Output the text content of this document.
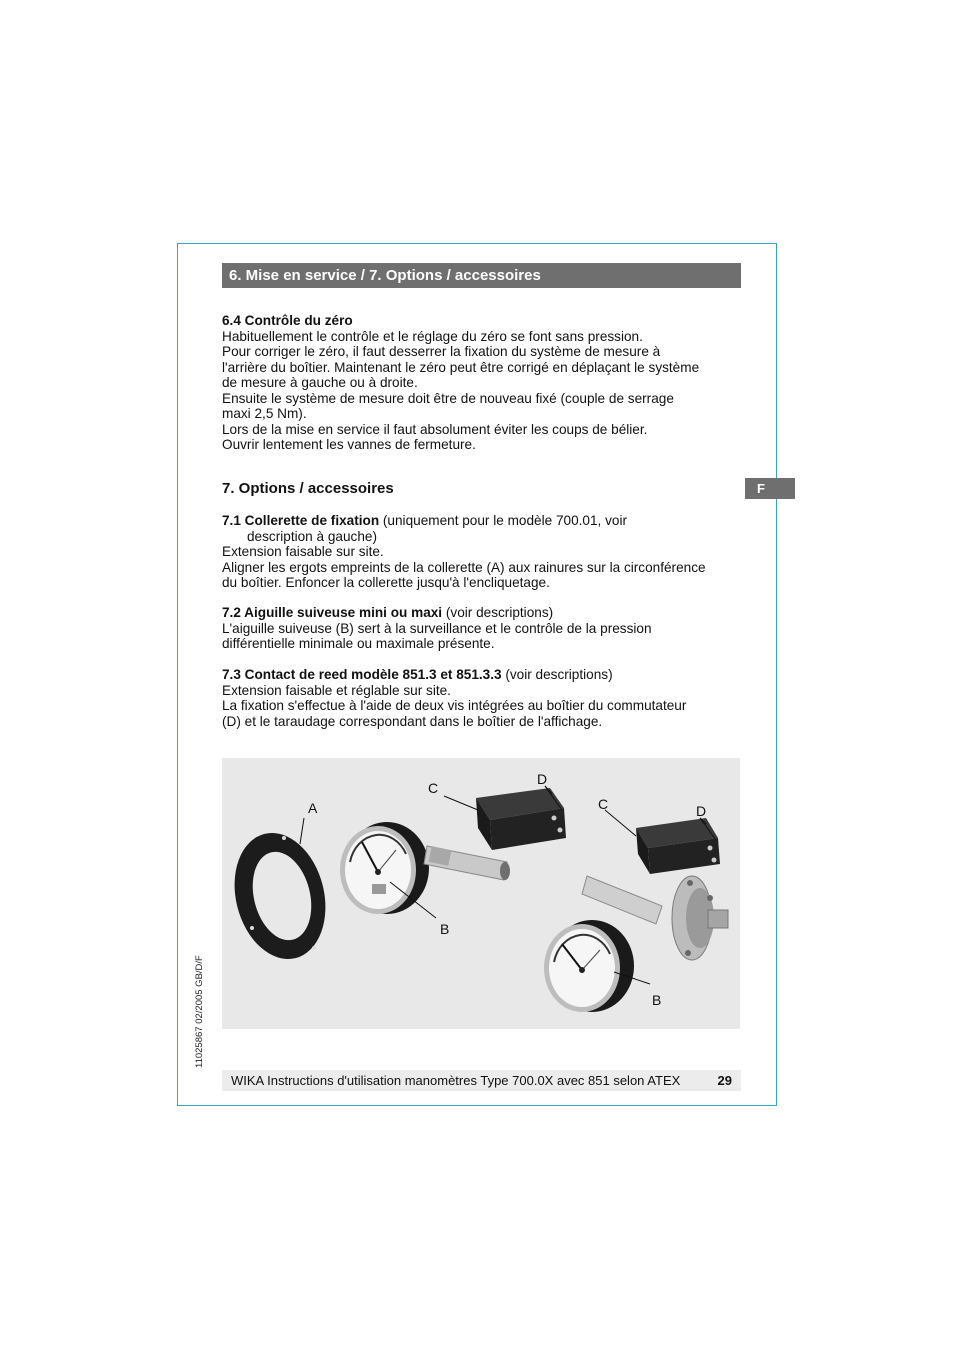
6. Mise en service / 7. Options / accessoires
F

6.4 Contrôle du zéro

Habituellement le contrôle et le réglage du zéro se font sans pression.

Pour corriger le zéro, il faut desserrer la fixation du système de mesure à

l'arrière du boîtier. Maintenant le zéro peut être corrigé en déplaçant le système

de mesure à gauche ou à droite.

Ensuite le système de mesure doit être de nouveau fixé (couple de serrage

maxi 2,5 Nm).

Lors de la mise en service il faut absolument éviter les coups de bélier.

Ouvrir lentement les vannes de fermeture.

7. Options / accessoires

7.1 Collerette de fixation (uniquement pour le modèle 700.01, voir

description à gauche)

Extension faisable sur site.

Aligner les ergots empreints de la collerette (A) aux rainures sur la circonférence

du boîtier. Enfoncer la collerette jusqu'à l'encliquetage.

7.2 Aiguille suiveuse mini ou maxi (voir descriptions)

L'aiguille suiveuse (B) sert à la surveillance et le contrôle de la pression

différentielle minimale ou maximale présente.

7.3 Contact de reed modèle 851.3 et 851.3.3 (voir descriptions)

Extension faisable et réglable sur site.

La fixation s'effectue à l'aide de deux vis intégrées au boîtier du commutateur

(D) et le taraudage correspondant dans le boîtier de l'affichage.

A
C
D
C	D
B
B
WIKA Instructions d'utilisation manomètres Type 700.0X avec 851 selon ATEX	29
11025867 02/2005 GB/D/F
